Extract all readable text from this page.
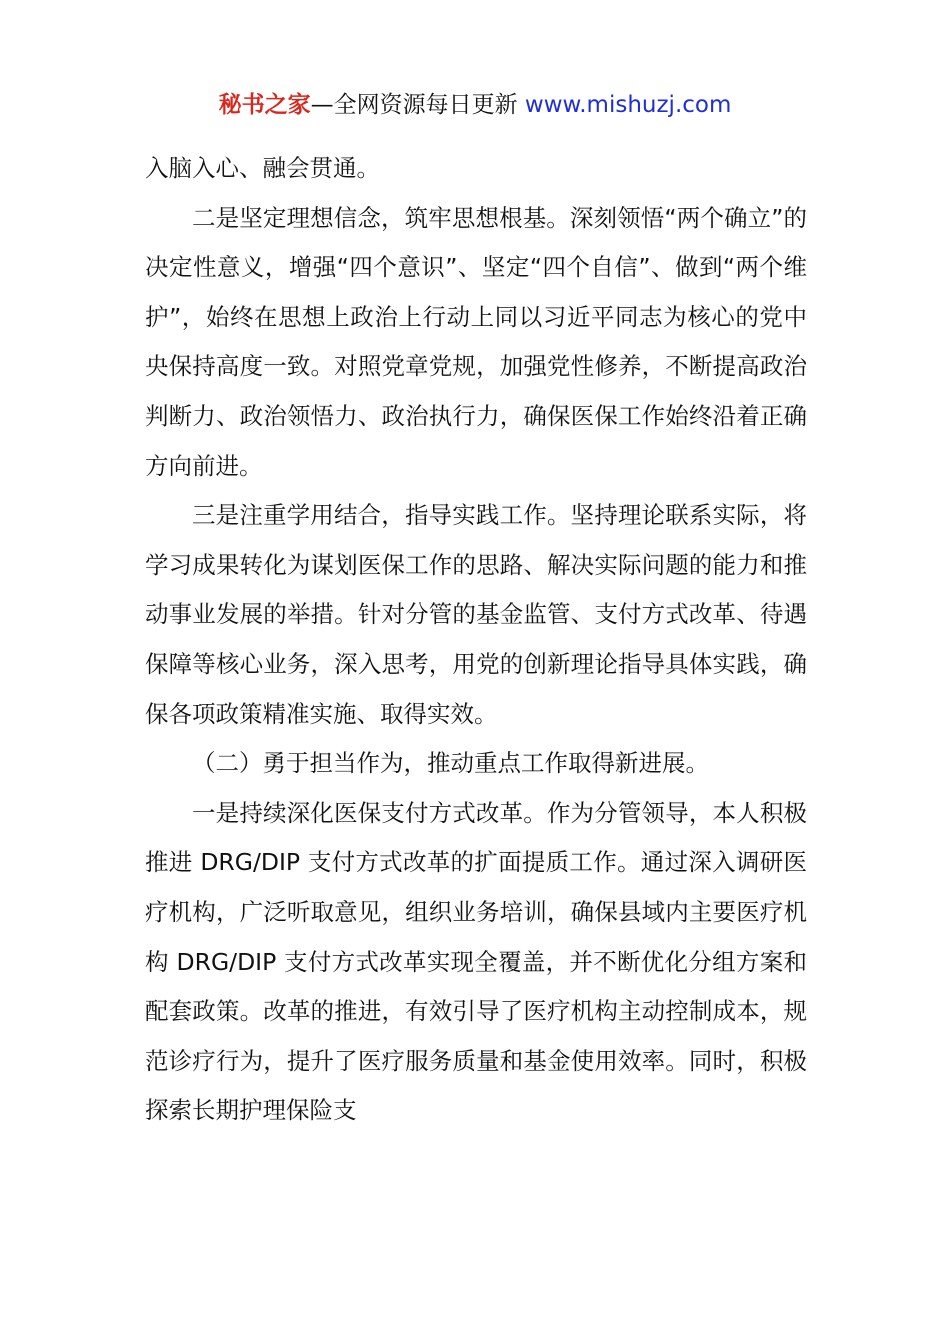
秘书之家—全网资源每日更新 www.mishuzj.com

入脑入心、融会贯通。

二是坚定理想信念，筑牢思想根基。深刻领悟“两个确立”的决定性意义，增强“四个意识”、坚定“四个自信”、做到“两个维护”，始终在思想上政治上行动上同以习近平同志为核心的党中央保持高度一致。对照党章党规，加强党性修养，不断提高政治判断力、政治领悟力、政治执行力，确保医保工作始终沿着正确方向前进。

三是注重学用结合，指导实践工作。坚持理论联系实际，将学习成果转化为谋划医保工作的思路、解决实际问题的能力和推动事业发展的举措。针对分管的基金监管、支付方式改革、待遇保障等核心业务，深入思考，用党的创新理论指导具体实践，确保各项政策精准实施、取得实效。

（二）勇于担当作为，推动重点工作取得新进展。

一是持续深化医保支付方式改革。作为分管领导，本人积极推进 DRG/DIP 支付方式改革的扩面提质工作。通过深入调研医疗机构，广泛听取意见，组织业务培训，确保县域内主要医疗机构 DRG/DIP 支付方式改革实现全覆盖，并不断优化分组方案和配套政策。改革的推进，有效引导了医疗机构主动控制成本，规范诊疗行为，提升了医疗服务质量和基金使用效率。同时，积极探索长期护理保险支
